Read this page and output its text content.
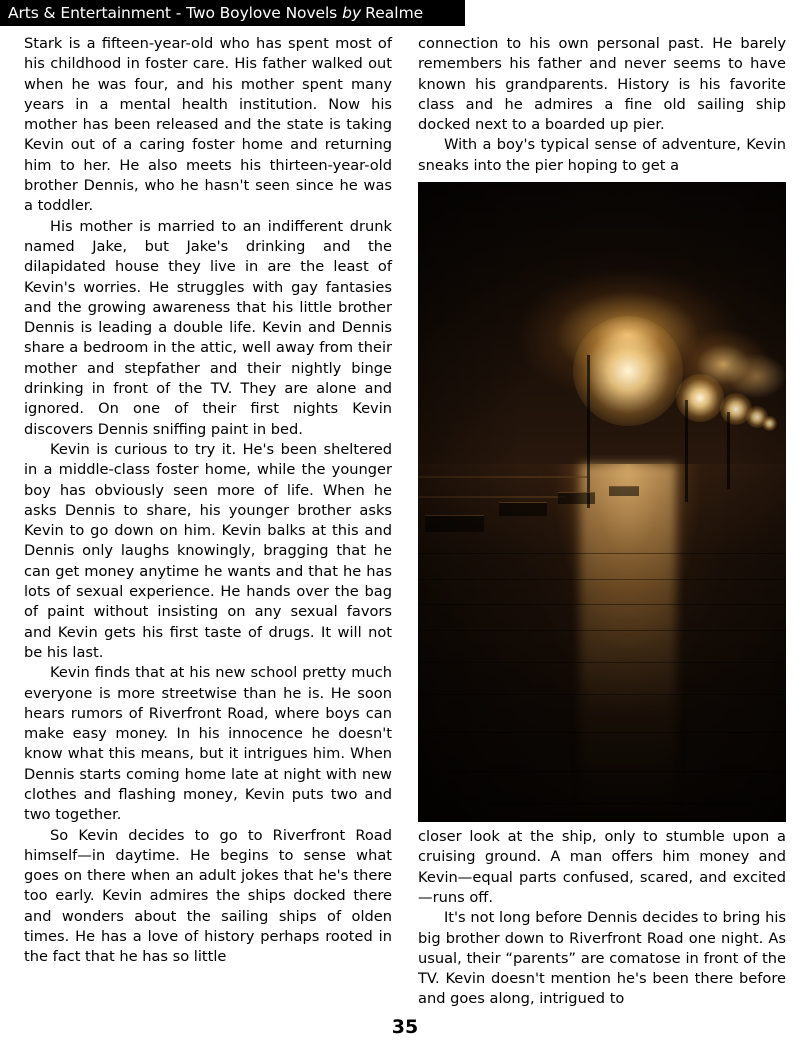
Arts & Entertainment - Two Boylove Novels by Realme

Stark is a fifteen-year-old who has spent most of his childhood in foster care. His father walked out when he was four, and his mother spent many years in a mental health institution. Now his mother has been released and the state is taking Kevin out of a caring foster home and returning him to her. He also meets his thirteen-year-old brother Dennis, who he hasn't seen since he was a toddler.

His mother is married to an indifferent drunk named Jake, but Jake's drinking and the dilapidated house they live in are the least of Kevin's worries. He struggles with gay fantasies and the growing awareness that his little brother Dennis is leading a double life. Kevin and Dennis share a bedroom in the attic, well away from their mother and stepfather and their nightly binge drinking in front of the TV. They are alone and ignored. On one of their first nights Kevin discovers Dennis sniffing paint in bed.

Kevin is curious to try it. He's been sheltered in a middle-class foster home, while the younger boy has obviously seen more of life. When he asks Dennis to share, his younger brother asks Kevin to go down on him. Kevin balks at this and Dennis only laughs knowingly, bragging that he can get money anytime he wants and that he has lots of sexual experience. He hands over the bag of paint without insisting on any sexual favors and Kevin gets his first taste of drugs. It will not be his last.

Kevin finds that at his new school pretty much everyone is more streetwise than he is. He soon hears rumors of Riverfront Road, where boys can make easy money. In his innocence he doesn't know what this means, but it intrigues him. When Dennis starts coming home late at night with new clothes and flashing money, Kevin puts two and two together.

So Kevin decides to go to Riverfront Road himself—in daytime. He begins to sense what goes on there when an adult jokes that he's there too early. Kevin admires the ships docked there and wonders about the sailing ships of olden times. He has a love of history perhaps rooted in the fact that he has so little

connection to his own personal past. He barely remembers his father and never seems to have known his grandparents. History is his favorite class and he admires a fine old sailing ship docked next to a boarded up pier.

With a boy's typical sense of adventure, Kevin sneaks into the pier hoping to get a

closer look at the ship, only to stumble upon a cruising ground. A man offers him money and Kevin—equal parts confused, scared, and excited—runs off.

It's not long before Dennis decides to bring his big brother down to Riverfront Road one night. As usual, their “parents” are comatose in front of the TV. Kevin doesn't mention he's been there before and goes along, intrigued to

35
